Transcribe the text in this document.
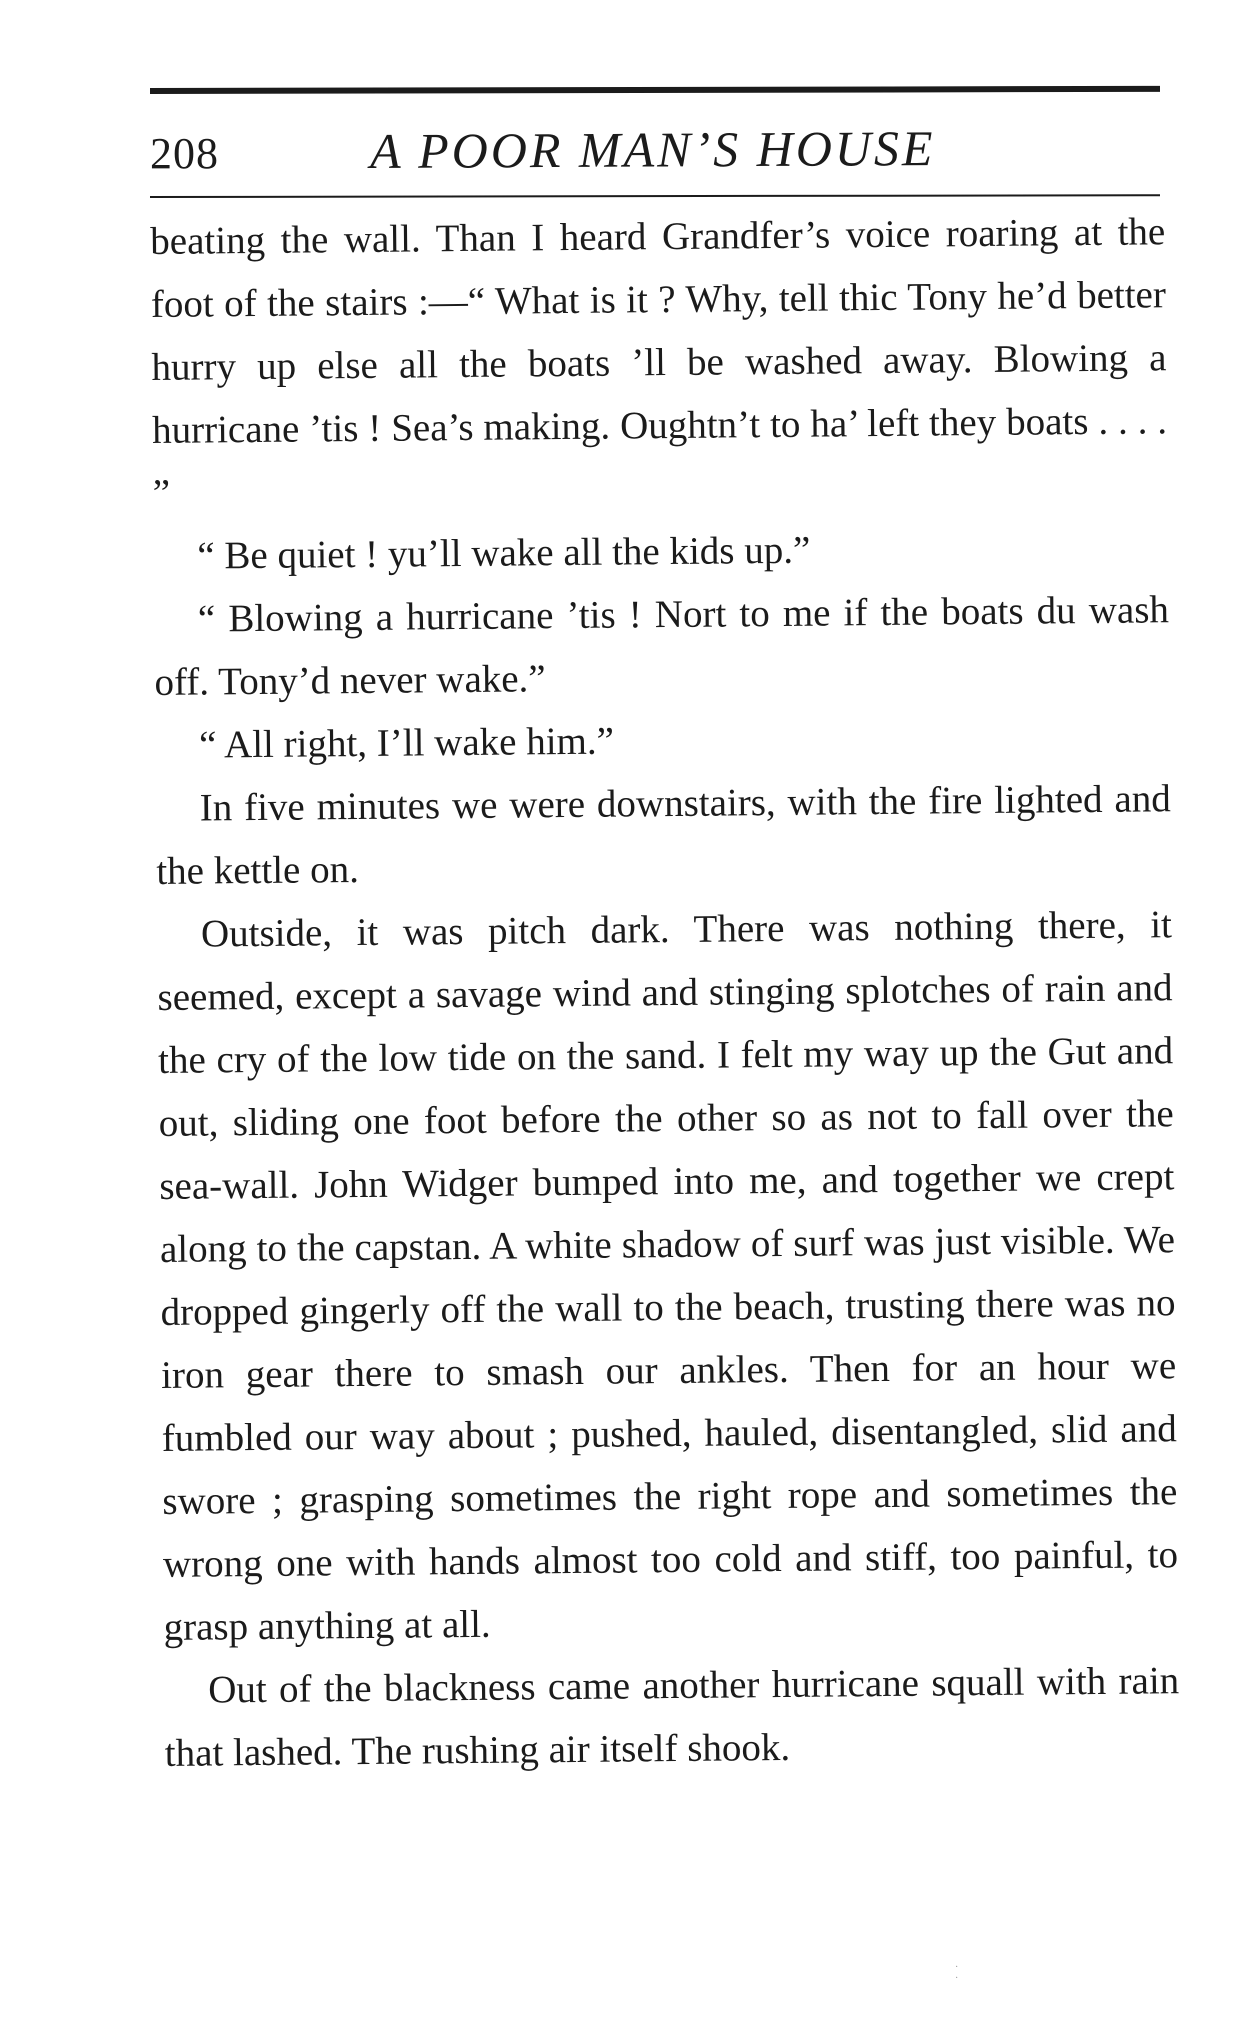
208	A POOR MAN’S HOUSE

beating the wall. Than I heard Grandfer’s voice roaring at the foot of the stairs :—“ What is it ? Why, tell thic Tony he’d better hurry up else all the boats ’ll be washed away. Blowing a hurricane ’tis ! Sea’s making. Oughtn’t to ha’ left they boats . . . . ”

“ Be quiet ! yu’ll wake all the kids up.”

“ Blowing a hurricane ’tis ! Nort to me if the boats du wash off. Tony’d never wake.”

“ All right, I’ll wake him.”

In five minutes we were downstairs, with the fire lighted and the kettle on.

Outside, it was pitch dark. There was nothing there, it seemed, except a savage wind and stinging splotches of rain and the cry of the low tide on the sand. I felt my way up the Gut and out, sliding one foot before the other so as not to fall over the sea-wall. John Widger bumped into me, and together we crept along to the capstan. A white shadow of surf was just visible. We dropped gingerly off the wall to the beach, trusting there was no iron gear there to smash our ankles. Then for an hour we fumbled our way about ; pushed, hauled, disentangled, slid and swore ; grasping sometimes the right rope and sometimes the wrong one with hands almost too cold and stiff, too painful, to grasp anything at all.

Out of the blackness came another hurricane squall with rain that lashed. The rushing air itself shook.

· ·
